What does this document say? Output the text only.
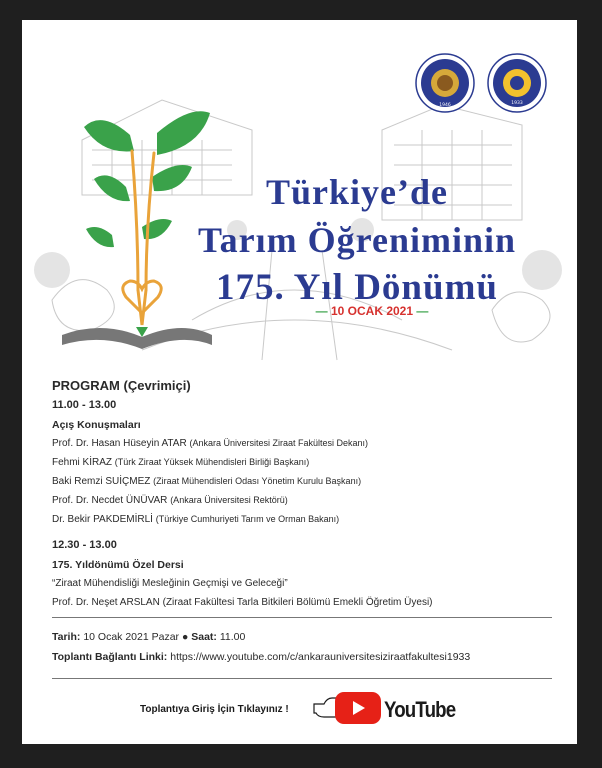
1946	1933
Türkiye’de
Tarım Öğreniminin
175. Yıl Dönümü
— 10 OCAK 2021 —
PROGRAM (Çevrimiçi)
11.00 - 13.00
Açış Konuşmaları
Prof. Dr. Hasan Hüseyin ATAR (Ankara Üniversitesi Ziraat Fakültesi Dekanı)
Fehmi KİRAZ (Türk Ziraat Yüksek Mühendisleri Birliği Başkanı)
Baki Remzi SUİÇMEZ (Ziraat Mühendisleri Odası Yönetim Kurulu Başkanı)
Prof. Dr. Necdet ÜNÜVAR (Ankara Üniversitesi Rektörü)
Dr. Bekir PAKDEMİRLİ (Türkiye Cumhuriyeti Tarım ve Orman Bakanı)
12.30 - 13.00
175. Yıldönümü Özel Dersi
“Ziraat Mühendisliği Mesleğinin Geçmişi ve Geleceği”
Prof. Dr. Neşet ARSLAN (Ziraat Fakültesi Tarla Bitkileri Bölümü Emekli Öğretim Üyesi)
Tarih: 10 Ocak 2021 Pazar ● Saat: 11.00
Toplantı Bağlantı Linki: https://www.youtube.com/c/ankarauniversitesiziraatfakultesi1933
Toplantıya Giriş İçin Tıklayınız !	YouTube
